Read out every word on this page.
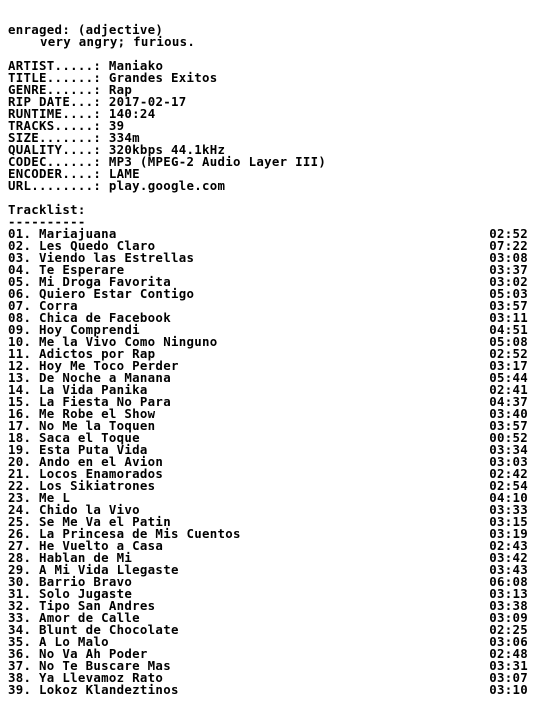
enraged: (adjective)
very angry; furious.
ARTIST.....: Maniako
TITLE......: Grandes Exitos
GENRE......: Rap
RIP DATE...: 2017-02-17
RUNTIME....: 140:24
TRACKS.....: 39
SIZE.......: 334m
QUALITY....: 320kbps 44.1kHz
CODEC......: MP3 (MPEG-2 Audio Layer III)
ENCODER....: LAME
URL........: play.google.com
Tracklist:
----------
01. Mariajuana	02:52
02. Les Quedo Claro	07:22
03. Viendo las Estrellas	03:08
04. Te Esperare	03:37
05. Mi Droga Favorita	03:02
06. Quiero Estar Contigo	05:03
07. Corra	03:57
08. Chica de Facebook	03:11
09. Hoy Comprendi	04:51
10. Me la Vivo Como Ninguno	05:08
11. Adictos por Rap	02:52
12. Hoy Me Toco Perder	03:17
13. De Noche a Manana	05:44
14. La Vida Panika	02:41
15. La Fiesta No Para	04:37
16. Me Robe el Show	03:40
17. No Me la Toquen	03:57
18. Saca el Toque	00:52
19. Esta Puta Vida	03:34
20. Ando en el Avion	03:03
21. Locos Enamorados	02:42
22. Los Sikiatrones	02:54
23. Me L	04:10
24. Chido la Vivo	03:33
25. Se Me Va el Patin	03:15
26. La Princesa de Mis Cuentos	03:19
27. He Vuelto a Casa	02:43
28. Hablan de Mi	03:42
29. A Mi Vida Llegaste	03:43
30. Barrio Bravo	06:08
31. Solo Jugaste	03:13
32. Tipo San Andres	03:38
33. Amor de Calle	03:09
34. Blunt de Chocolate	02:25
35. A Lo Malo	03:06
36. No Va Ah Poder	02:48
37. No Te Buscare Mas	03:31
38. Ya Llevamoz Rato	03:07
39. Lokoz Klandeztinos	03:10
